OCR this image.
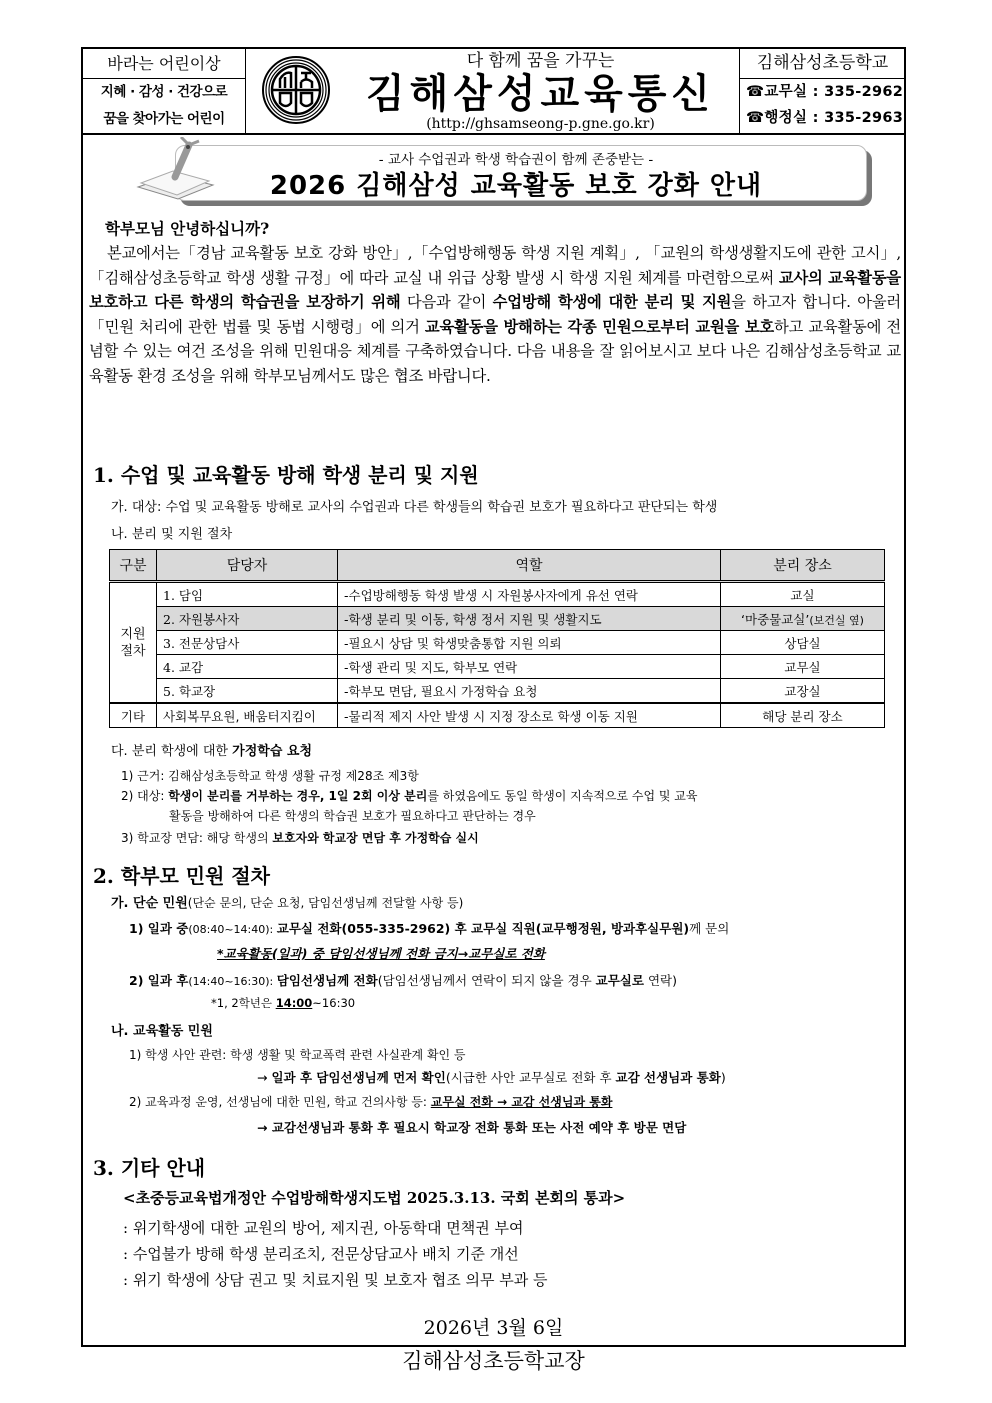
바라는 어린이상
지혜 · 감성 · 건강으로
꿈을 찾아가는 어린이
다 함께 꿈을 가꾸는
김해삼성교육통신
(http://ghsamseong-p.gne.go.kr)
김해삼성초등학교
☎교무실 : 335-2962
☎행정실 : 335-2963
- 교사 수업권과 학생 학습권이 함께 존중받는 -
2026 김해삼성 교육활동 보호 강화 안내
학부모님 안녕하십니까?
본교에서는「경남 교육활동 보호 강화 방안」,「수업방해행동 학생 지원 계획」, 「교원의 학생생활지도에 관한 고시」, 「김해삼성초등학교 학생 생활 규정」에 따라 교실 내 위급 상황 발생 시 학생 지원 체계를 마련함으로써 교사의 교육활동을 보호하고 다른 학생의 학습권을 보장하기 위해 다음과 같이 수업방해 학생에 대한 분리 및 지원을 하고자 합니다. 아울러 「민원 처리에 관한 법률 및 동법 시행령」에 의거 교육활동을 방해하는 각종 민원으로부터 교원을 보호하고 교육활동에 전념할 수 있는 여건 조성을 위해 민원대응 체계를 구축하였습니다. 다음 내용을 잘 읽어보시고 보다 나은 김해삼성초등학교 교육활동 환경 조성을 위해 학부모님께서도 많은 협조 바랍니다.
1. 수업 및 교육활동 방해 학생 분리 및 지원
가. 대상: 수업 및 교육활동 방해로 교사의 수업권과 다른 학생들의 학습권 보호가 필요하다고 판단되는 학생
나. 분리 및 지원 절차
구분	담당자	역할	분리 장소
지원
절차	1. 담임	-수업방해행동 학생 발생 시 자원봉사자에게 유선 연락	교실
	2. 자원봉사자	-학생 분리 및 이동, 학생 정서 지원 및 생활지도	‘마중물교실’(보건실 옆)
	3. 전문상담사	-필요시 상담 및 학생맞춤통합 지원 의뢰	상담실
	4. 교감	-학생 관리 및 지도, 학부모 연락	교무실
	5. 학교장	-학부모 면담, 필요시 가정학습 요청	교장실
기타	사회복무요원, 배움터지킴이	-물리적 제지 사안 발생 시 지정 장소로 학생 이동 지원	해당 분리 장소
다. 분리 학생에 대한 가정학습 요청
1) 근거: 김해삼성초등학교 학생 생활 규정 제28조 제3항
2) 대상: 학생이 분리를 거부하는 경우, 1일 2회 이상 분리를 하였음에도 동일 학생이 지속적으로 수업 및 교육
활동을 방해하여 다른 학생의 학습권 보호가 필요하다고 판단하는 경우
3) 학교장 면담: 해당 학생의 보호자와 학교장 면담 후 가정학습 실시
2. 학부모 민원 절차
가. 단순 민원(단순 문의, 단순 요청, 담임선생님께 전달할 사항 등)
1) 일과 중(08:40~14:40): 교무실 전화(055-335-2962) 후 교무실 직원(교무행정원, 방과후실무원)께 문의
*교육활동(일과) 중 담임선생님께 전화 금지→교무실로 전화
2) 일과 후(14:40~16:30): 담임선생님께 전화(담임선생님께서 연락이 되지 않을 경우 교무실로 연락)
*1, 2학년은 14:00~16:30
나. 교육활동 민원
1) 학생 사안 관련: 학생 생활 및 학교폭력 관련 사실관계 확인 등
→ 일과 후 담임선생님께 먼저 확인(시급한 사안 교무실로 전화 후 교감 선생님과 통화)
2) 교육과정 운영, 선생님에 대한 민원, 학교 건의사항 등: 교무실 전화 → 교감 선생님과 통화
→ 교감선생님과 통화 후 필요시 학교장 전화 통화 또는 사전 예약 후 방문 면담
3. 기타 안내
<초중등교육법개정안 수업방해학생지도법 2025.3.13. 국회 본회의 통과>
: 위기학생에 대한 교원의 방어, 제지권, 아동학대 면책권 부여
: 수업불가 방해 학생 분리조치, 전문상담교사 배치 기준 개선
: 위기 학생에 상담 권고 및 치료지원 및 보호자 협조 의무 부과 등
2026년 3월 6일
김해삼성초등학교장
